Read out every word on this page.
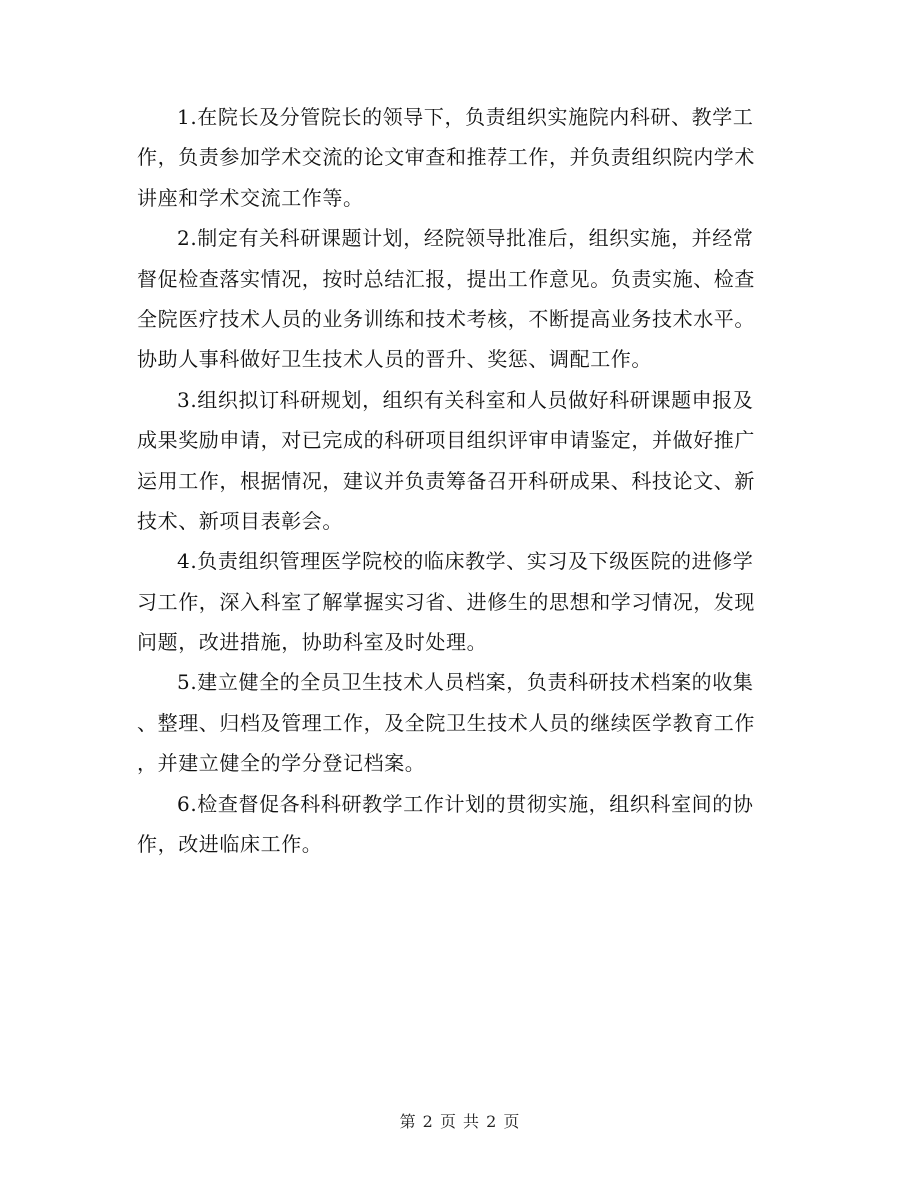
1.在院长及分管院长的领导下，负责组织实施院内科研、教学工

作，负责参加学术交流的论文审查和推荐工作，并负责组织院内学术

讲座和学术交流工作等。

2.制定有关科研课题计划，经院领导批准后，组织实施，并经常

督促检查落实情况，按时总结汇报，提出工作意见。负责实施、检查

全院医疗技术人员的业务训练和技术考核，不断提高业务技术水平。

协助人事科做好卫生技术人员的晋升、奖惩、调配工作。

3.组织拟订科研规划，组织有关科室和人员做好科研课题申报及

成果奖励申请，对已完成的科研项目组织评审申请鉴定，并做好推广

运用工作，根据情况，建议并负责筹备召开科研成果、科技论文、新

技术、新项目表彰会。

4.负责组织管理医学院校的临床教学、实习及下级医院的进修学

习工作，深入科室了解掌握实习省、进修生的思想和学习情况，发现

问题，改进措施，协助科室及时处理。

5.建立健全的全员卫生技术人员档案，负责科研技术档案的收集

、整理、归档及管理工作，及全院卫生技术人员的继续医学教育工作

，并建立健全的学分登记档案。

6.检查督促各科科研教学工作计划的贯彻实施，组织科室间的协

作，改进临床工作。

第 2 页 共 2 页
